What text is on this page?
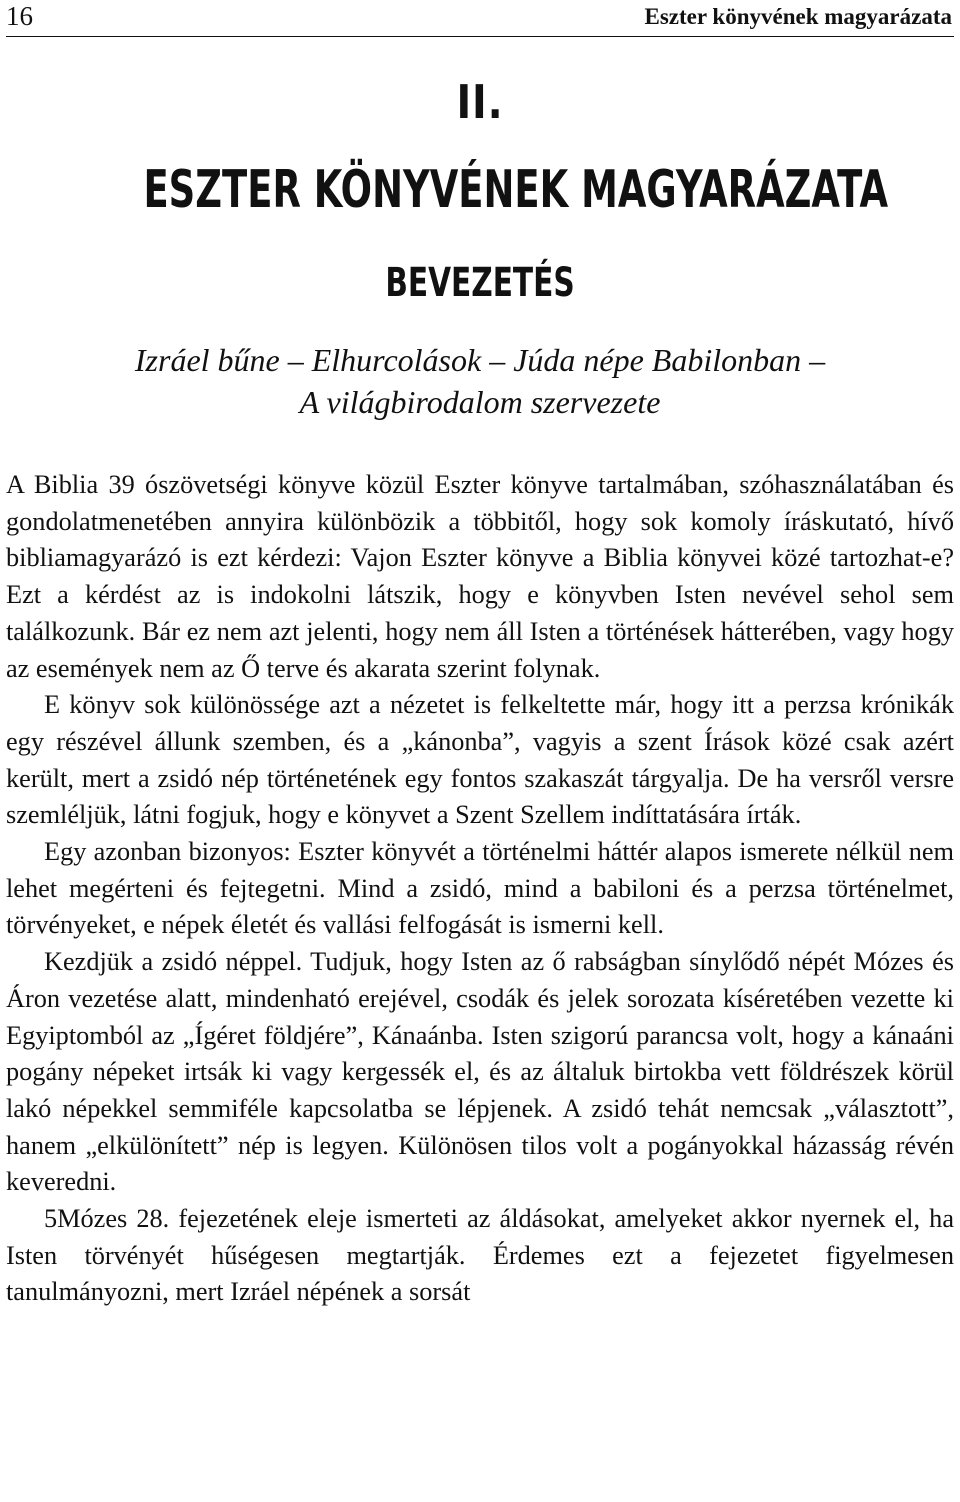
16	Eszter könyvének magyarázata
II.
ESZTER KÖNYVÉNEK MAGYARÁZATA
BEVEZETÉS
Izráel bűne – Elhurcolások – Júda népe Babilonban –
A világbirodalom szervezete

A Biblia 39 ószövetségi könyve közül Eszter könyve tartalmában, szóhasználatában és gondolatmenetében annyira különbözik a többitől, hogy sok komoly íráskutató, hívő bibliamagyarázó is ezt kérdezi: Vajon Eszter könyve a Biblia könyvei közé tartozhat-e? Ezt a kérdést az is indokolni látszik, hogy e könyvben Isten nevével sehol sem találkozunk. Bár ez nem azt jelenti, hogy nem áll Isten a történések hátterében, vagy hogy az események nem az Ő terve és akarata szerint folynak.

E könyv sok különössége azt a nézetet is felkeltette már, hogy itt a perzsa krónikák egy részével állunk szemben, és a „kánonba”, vagyis a szent Írások közé csak azért került, mert a zsidó nép történetének egy fontos szakaszát tárgyalja. De ha versről versre szemléljük, látni fogjuk, hogy e könyvet a Szent Szellem indíttatására írták.

Egy azonban bizonyos: Eszter könyvét a történelmi háttér alapos ismerete nélkül nem lehet megérteni és fejtegetni. Mind a zsidó, mind a babiloni és a perzsa történelmet, törvényeket, e népek életét és vallási felfogását is ismerni kell.

Kezdjük a zsidó néppel. Tudjuk, hogy Isten az ő rabságban sínylődő népét Mózes és Áron vezetése alatt, mindenható erejével, csodák és jelek sorozata kíséretében vezette ki Egyiptomból az „Ígéret földjére”, Kánaánba. Isten szigorú parancsa volt, hogy a kánaáni pogány népeket irtsák ki vagy kergessék el, és az általuk birtokba vett földrészek körül lakó népekkel semmiféle kapcsolatba se lépjenek. A zsidó tehát nemcsak „választott”, hanem „elkülönített” nép is legyen. Különösen tilos volt a pogányokkal házasság révén keveredni.

5Mózes 28. fejezetének eleje ismerteti az áldásokat, amelyeket akkor nyernek el, ha Isten törvényét hűségesen megtartják. Érdemes ezt a fejezetet figyelmesen tanulmányozni, mert Izráel népének a sorsát
